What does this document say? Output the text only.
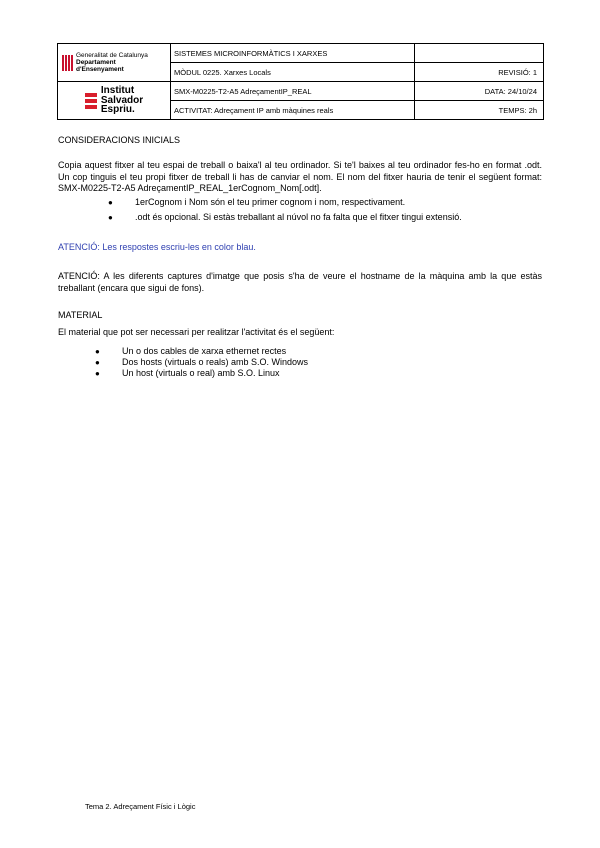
Generalitat de Catalunya
Departament
d'Ensenyament	SISTEMES MICROINFORMÀTICS I XARXES	
	MÒDUL 0225. Xarxes Locals	REVISIÓ: 1

Institut
Salvador
Espriu.	SMX-M0225-T2-A5 AdreçamentIP_REAL	DATA: 24/10/24
	ACTIVITAT: Adreçament IP amb màquines reals	TEMPS: 2h
CONSIDERACIONS INICIALS
Copia aquest fitxer al teu espai de treball o baixa'l al teu ordinador. Si te'l baixes al teu ordinador fes-ho en format .odt. Un cop tinguis el teu propi fitxer de treball li has de canviar el nom. El nom del fitxer hauria de tenir el següent format: SMX-M0225-T2-A5 AdreçamentIP_REAL_1erCognom_Nom[.odt].
● 1erCognom i Nom són el teu primer cognom i nom, respectivament.
● .odt és opcional. Si estàs treballant al núvol no fa falta que el fitxer tingui extensió.
ATENCIÓ: Les respostes escriu-les en color blau.
ATENCIÓ: A les diferents captures d'imatge que posis s'ha de veure el hostname de la màquina amb la que estàs treballant (encara que sigui de fons).
MATERIAL
El material que pot ser necessari per realitzar l'activitat és el següent:
● Un o dos cables de xarxa ethernet rectes
● Dos hosts (virtuals o reals) amb S.O. Windows
● Un host (virtuals o real) amb S.O. Linux
Tema 2. Adreçament Físic i Lògic
